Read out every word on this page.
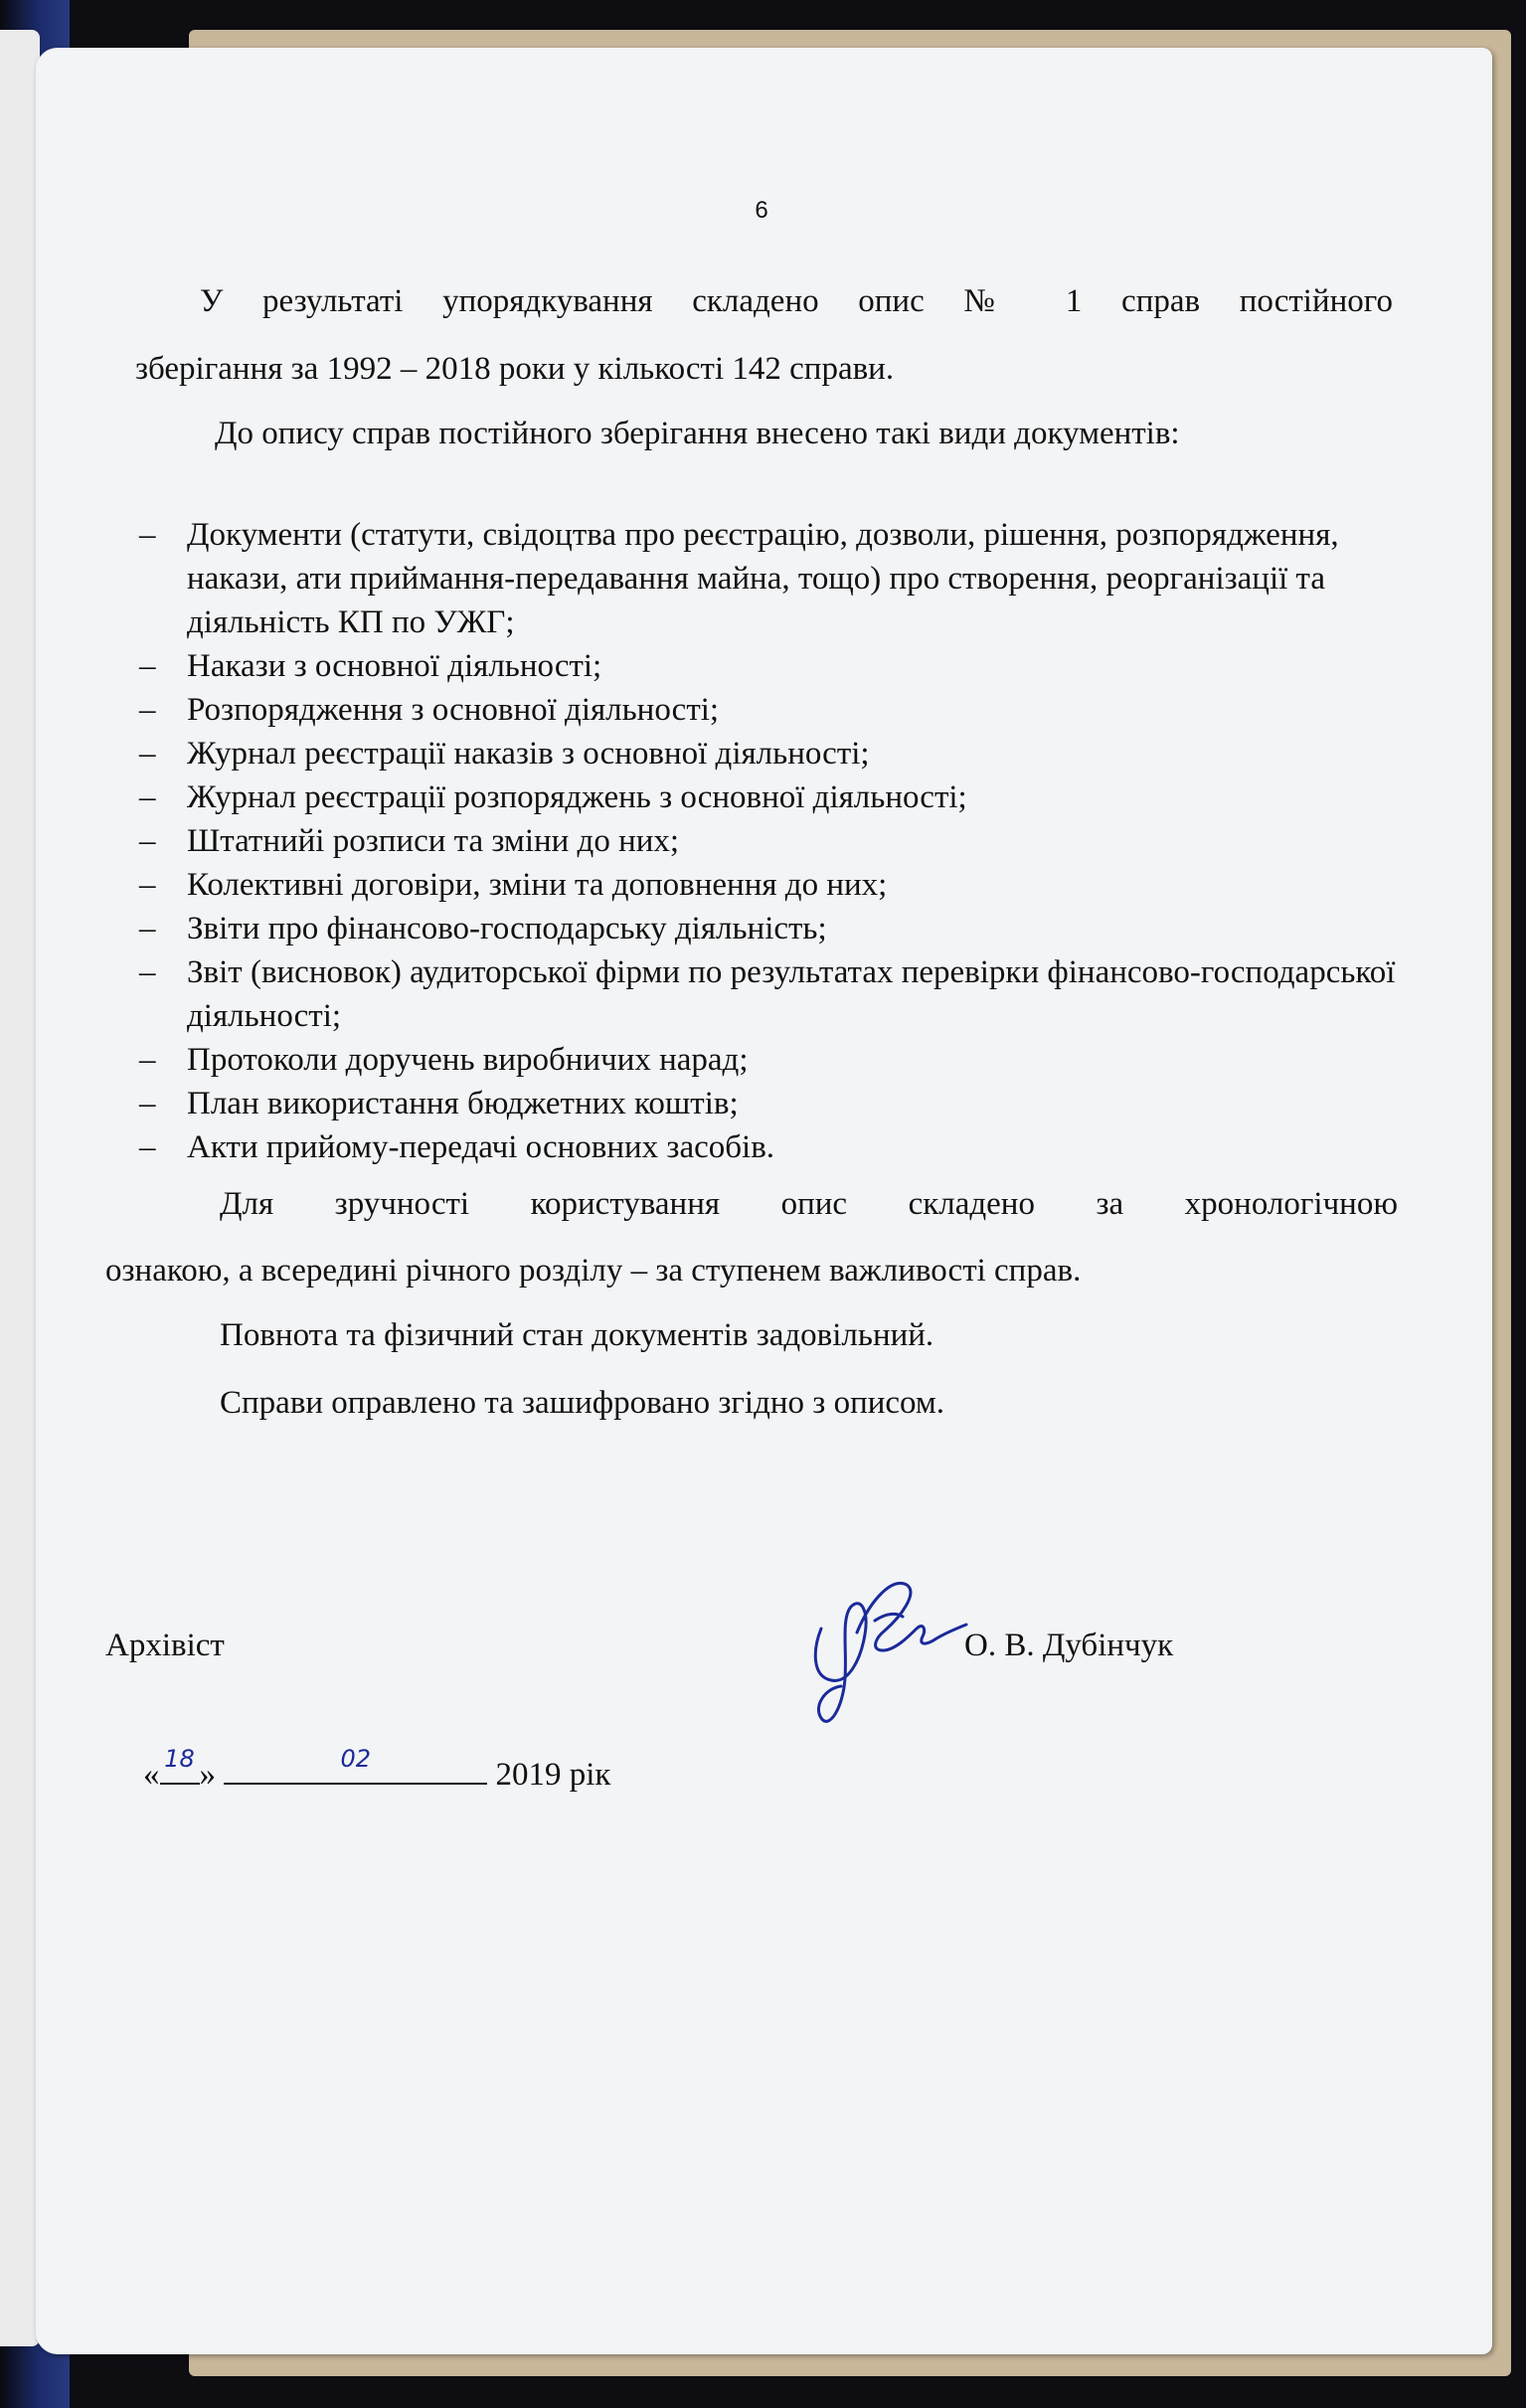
6
У результаті упорядкування складено опис № 1 справ постійного
зберігання за 1992 – 2018 роки у кількості 142 справи.
До опису справ постійного зберігання внесено такі види документів:
– Документи (статути, свідоцтва про реєстрацію, дозволи, рішення, розпорядження, накази, ати приймання-передавання майна, тощо) про створення, реорганізації та діяльність КП по УЖГ;
– Накази з основної діяльності;
– Розпорядження з основної діяльності;
– Журнал реєстрації наказів з основної діяльності;
– Журнал реєстрації розпоряджень з основної діяльності;
– Штатнийі розписи та зміни до них;
– Колективні договіри, зміни та доповнення до них;
– Звіти про фінансово-господарську діяльність;
– Звіт (висновок) аудиторської фірми по результатах перевірки фінансово-господарської діяльності;
– Протоколи доручень виробничих нарад;
– План використання бюджетних коштів;
– Акти прийому-передачі основних засобів.
Для зручності користування опис складено за хронологічною
ознакою, а всередині річного розділу – за ступенем важливості справ.
Повнота та фізичний стан документів задовільний.
Справи оправлено та зашифровано згідно з описом.
Архівіст	О. В. Дубінчук
« 18 »	02	2019 рік
